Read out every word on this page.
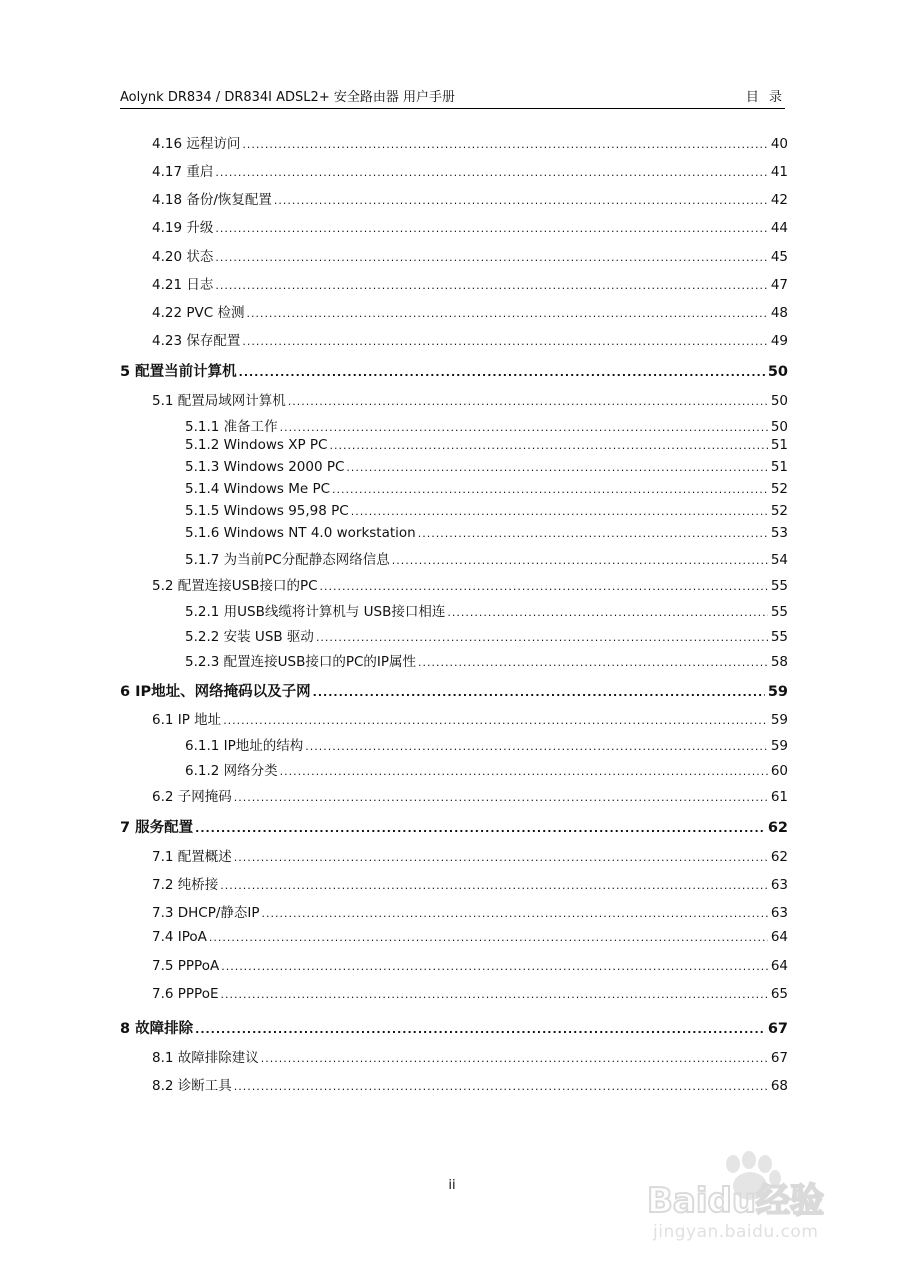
Aolynk DR834 / DR834I ADSL2+ 安全路由器 用户手册	目 录
4.16 远程访问 .....	40
4.17 重启 .....	41
4.18 备份/恢复配置 .....	42
4.19 升级 .....	44
4.20 状态 .....	45
4.21 日志 .....	47
4.22 PVC 检测 .....	48
4.23 保存配置 .....	49
5 配置当前计算机 .....	50
5.1 配置局域网计算机 .....	50
5.1.1 准备工作 .....	50
5.1.2 Windows XP PC .....	51
5.1.3 Windows 2000 PC .....	51
5.1.4 Windows Me PC .....	52
5.1.5 Windows 95,98 PC .....	52
5.1.6 Windows NT 4.0 workstation .....	53
5.1.7 为当前PC分配静态网络信息 .....	54
5.2 配置连接USB接口的PC .....	55
5.2.1 用USB线缆将计算机与 USB接口相连 .....	55
5.2.2 安装 USB 驱动 .....	55
5.2.3 配置连接USB接口的PC的IP属性 .....	58
6 IP地址、网络掩码以及子网 .....	59
6.1 IP 地址 .....	59
6.1.1 IP地址的结构 .....	59
6.1.2 网络分类 .....	60
6.2 子网掩码 .....	61
7 服务配置 .....	62
7.1 配置概述 .....	62
7.2 纯桥接 .....	63
7.3 DHCP/静态IP .....	63
7.4 IPoA .....	64
7.5 PPPoA .....	64
7.6 PPPoE .....	65
8 故障排除 .....	67
8.1 故障排除建议 .....	67
8.2 诊断工具 .....	68
ii	Baidu经验
jingyan.baidu.com
